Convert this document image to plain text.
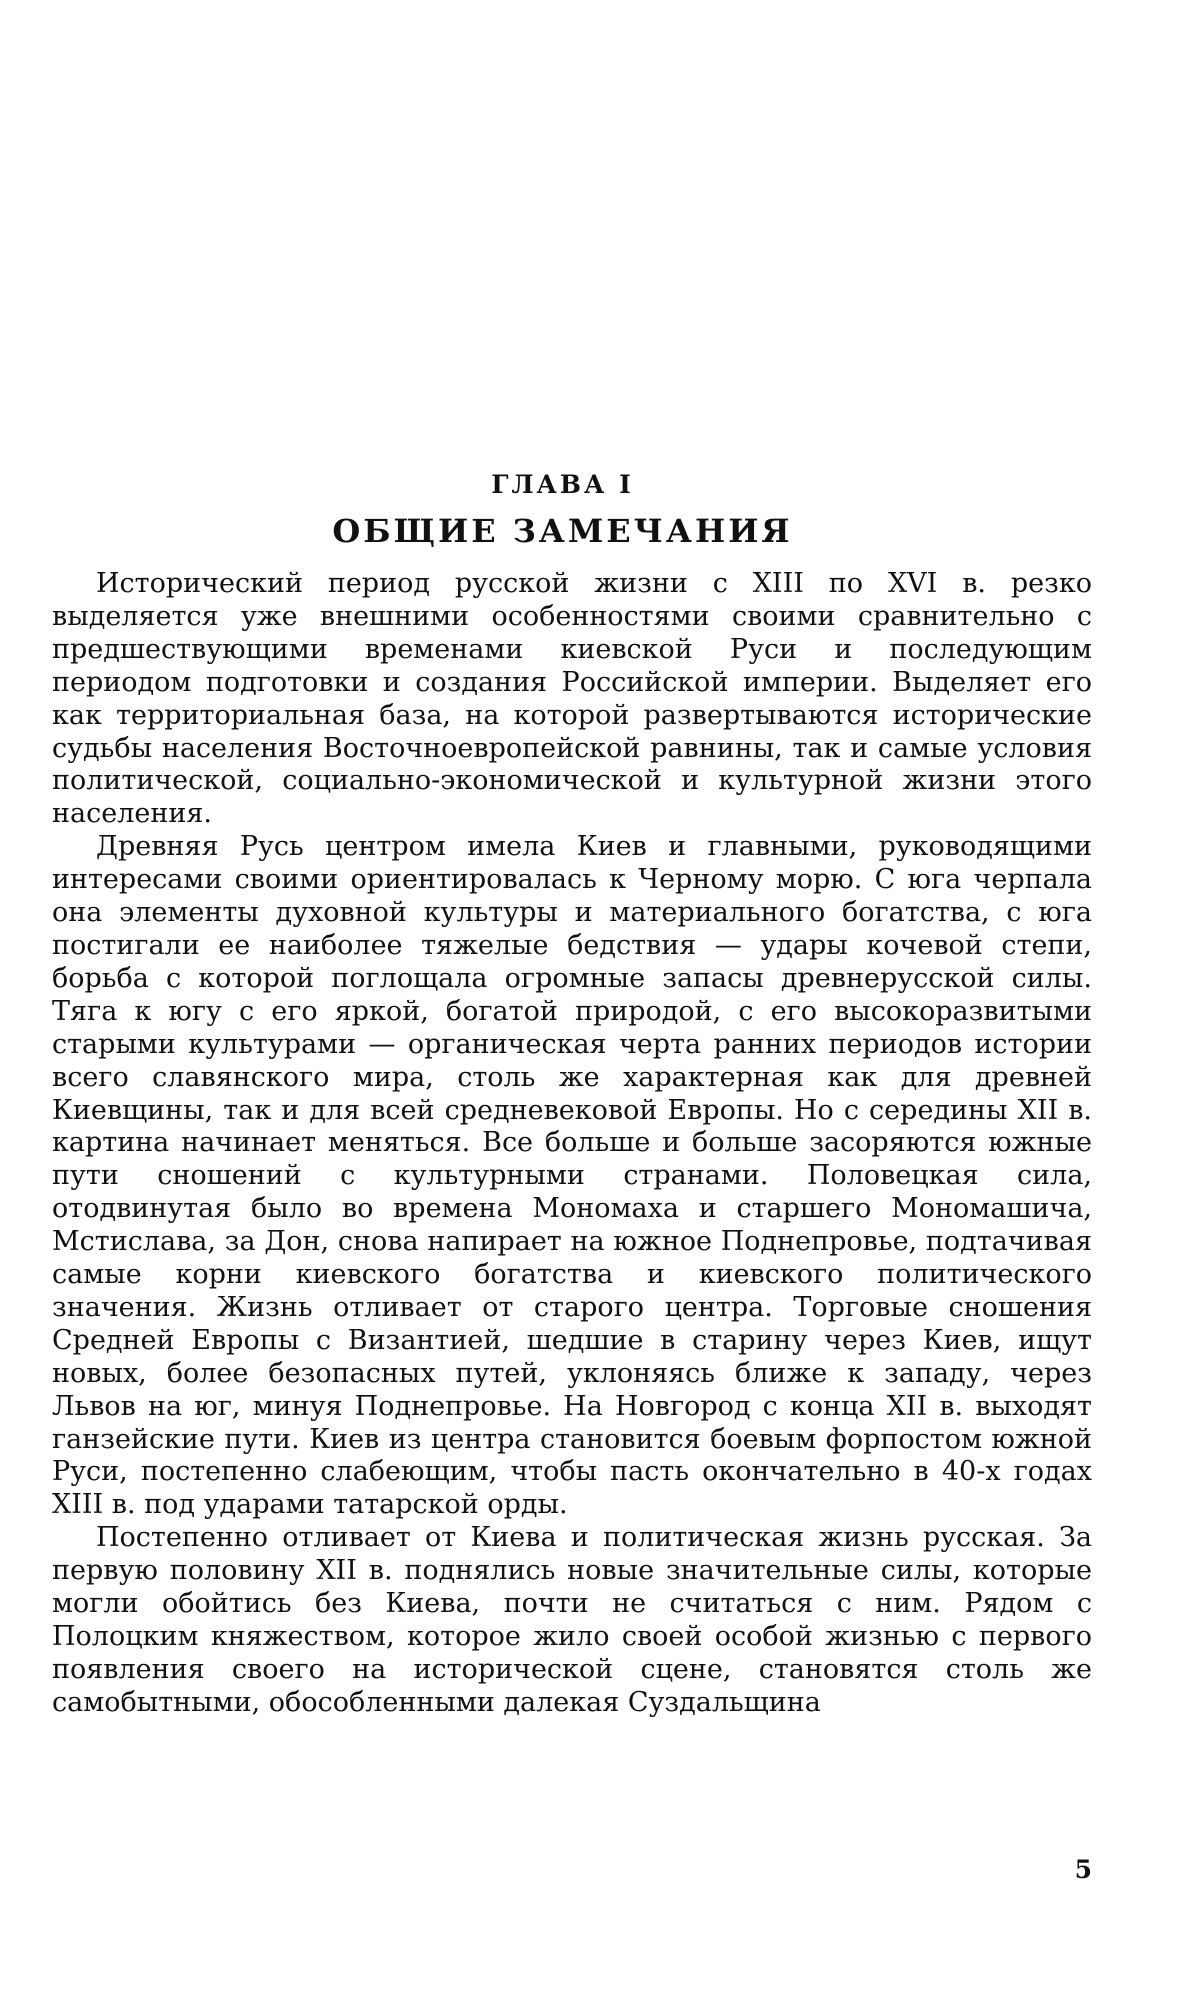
ГЛАВА I
ОБЩИЕ ЗАМЕЧАНИЯ

Исторический период русской жизни с XIII по XVI в. резко выделяется уже внешними особенностями своими сравнительно с предшествующими временами киевской Руси и последующим периодом подготовки и создания Российской империи. Выделяет его как территориальная база, на которой развертываются исторические судьбы населения Восточноевропейской равнины, так и самые условия политической, социально-экономической и культурной жизни этого населения.

Древняя Русь центром имела Киев и главными, руководящими интересами своими ориентировалась к Черному морю. С юга черпала она элементы духовной культуры и материального богатства, с юга постигали ее наиболее тяжелые бедствия — удары кочевой степи, борьба с которой поглощала огромные запасы древнерусской силы. Тяга к югу с его яркой, богатой природой, с его высокоразвитыми старыми культурами — органическая черта ранних периодов истории всего славянского мира, столь же характерная как для древней Киевщины, так и для всей средневековой Европы. Но с середины XII в. картина начинает меняться. Все больше и больше засоряются южные пути сношений с культурными странами. Половецкая сила, отодвинутая было во времена Мономаха и старшего Мономашича, Мстислава, за Дон, снова напирает на южное Поднепровье, подтачивая самые корни киевского богатства и киевского политического значения. Жизнь отливает от старого центра. Торговые сношения Средней Европы с Византией, шедшие в старину через Киев, ищут новых, более безопасных путей, уклоняясь ближе к западу, через Львов на юг, минуя Поднепровье. На Новгород с конца XII в. выходят ганзейские пути. Киев из центра становится боевым форпостом южной Руси, постепенно слабеющим, чтобы пасть окончательно в 40-х годах XIII в. под ударами татарской орды.

Постепенно отливает от Киева и политическая жизнь русская. За первую половину XII в. поднялись новые значительные силы, которые могли обойтись без Киева, почти не считаться с ним. Рядом с Полоцким княжеством, которое жило своей особой жизнью с первого появления своего на исторической сцене, становятся столь же самобытными, обособленными далекая Суздальщина

5
